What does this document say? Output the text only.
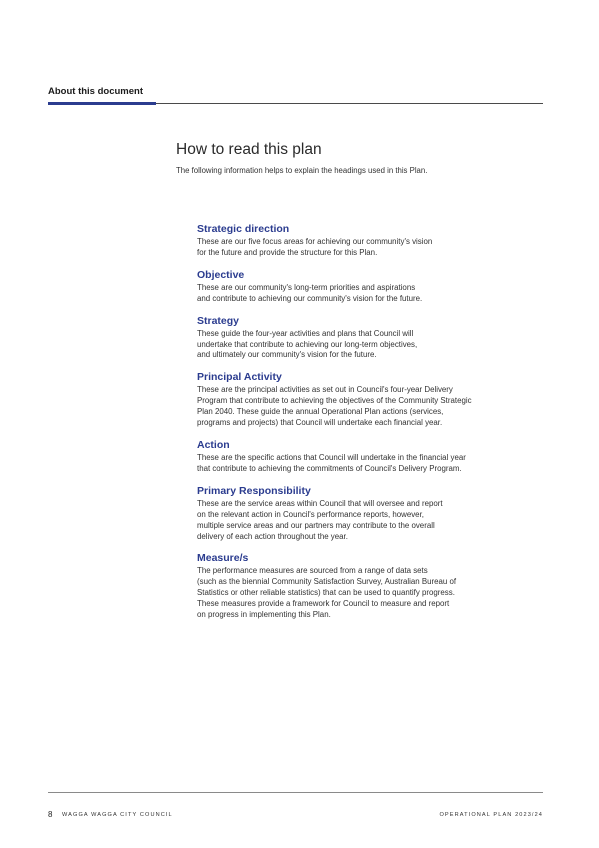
About this document
How to read this plan
The following information helps to explain the headings used in this Plan.
Strategic direction
These are our five focus areas for achieving our community's vision
for the future and provide the structure for this Plan.
Objective
These are our community's long-term priorities and aspirations
and contribute to achieving our community's vision for the future.
Strategy
These guide the four-year activities and plans that Council will
undertake that contribute to achieving our long-term objectives,
and ultimately our community's vision for the future.
Principal Activity
These are the principal activities as set out in Council's four-year Delivery
Program that contribute to achieving the objectives of the Community Strategic
Plan 2040. These guide the annual Operational Plan actions (services,
programs and projects) that Council will undertake each financial year.
Action
These are the specific actions that Council will undertake in the financial year
that contribute to achieving the commitments of Council's Delivery Program.
Primary Responsibility
These are the service areas within Council that will oversee and report
on the relevant action in Council's performance reports, however,
multiple service areas and our partners may contribute to the overall
delivery of each action throughout the year.
Measure/s
The performance measures are sourced from a range of data sets
(such as the biennial Community Satisfaction Survey, Australian Bureau of
Statistics or other reliable statistics) that can be used to quantify progress.
These measures provide a framework for Council to measure and report
on progress in implementing this Plan.
8 WAGGA WAGGA CITY COUNCIL	OPERATIONAL PLAN 2023/24
